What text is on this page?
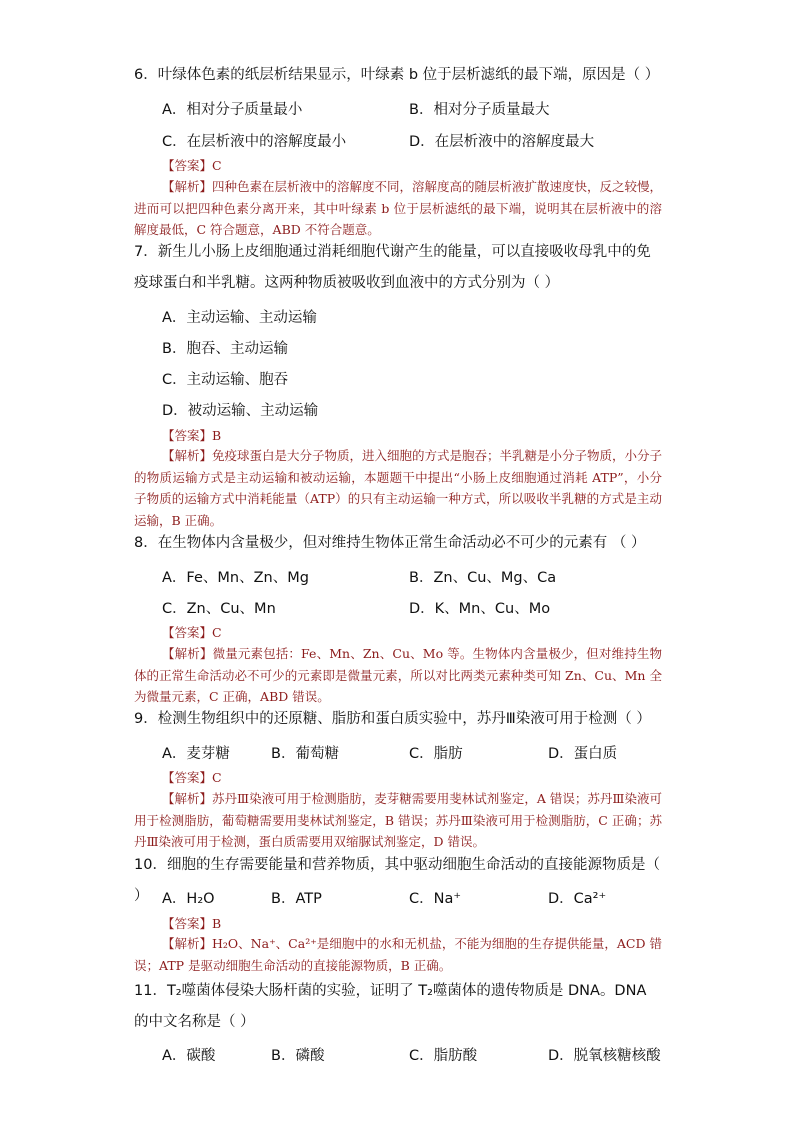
6．叶绿体色素的纸层析结果显示，叶绿素 b 位于层析滤纸的最下端，原因是（ ）
A．相对分子质量最小	B．相对分子质量最大
C．在层析液中的溶解度最小	D．在层析液中的溶解度最大
【答案】C
【解析】四种色素在层析液中的溶解度不同，溶解度高的随层析液扩散速度快，反之较慢，进而可以把四种色素分离开来，其中叶绿素 b 位于层析滤纸的最下端，说明其在层析液中的溶解度最低，C 符合题意，ABD 不符合题意。
7．新生儿小肠上皮细胞通过消耗细胞代谢产生的能量，可以直接吸收母乳中的免疫球蛋白和半乳糖。这两种物质被吸收到血液中的方式分别为（ ）
A．主动运输、主动运输
B．胞吞、主动运输
C．主动运输、胞吞
D．被动运输、主动运输
【答案】B
【解析】免疫球蛋白是大分子物质，进入细胞的方式是胞吞；半乳糖是小分子物质，小分子的物质运输方式是主动运输和被动运输，本题题干中提出“小肠上皮细胞通过消耗 ATP”，小分子物质的运输方式中消耗能量（ATP）的只有主动运输一种方式，所以吸收半乳糖的方式是主动运输，B 正确。
8．在生物体内含量极少，但对维持生物体正常生命活动必不可少的元素有 （ ）
A．Fe、Mn、Zn、Mg	B．Zn、Cu、Mg、Ca
C．Zn、Cu、Mn	D．K、Mn、Cu、Mo
【答案】C
【解析】微量元素包括：Fe、Mn、Zn、Cu、Mo 等。生物体内含量极少，但对维持生物体的正常生命活动必不可少的元素即是微量元素，所以对比两类元素种类可知 Zn、Cu、Mn 全为微量元素，C 正确，ABD 错误。
9．检测生物组织中的还原糖、脂肪和蛋白质实验中，苏丹Ⅲ染液可用于检测（ ）
A．麦芽糖	B．葡萄糖	C．脂肪	D．蛋白质
【答案】C
【解析】苏丹Ⅲ染液可用于检测脂肪，麦芽糖需要用斐林试剂鉴定，A 错误；苏丹Ⅲ染液可用于检测脂肪，葡萄糖需要用斐林试剂鉴定，B 错误；苏丹Ⅲ染液可用于检测脂肪，C 正确；苏丹Ⅲ染液可用于检测，蛋白质需要用双缩脲试剂鉴定，D 错误。
10．细胞的生存需要能量和营养物质，其中驱动细胞生命活动的直接能源物质是（ ） A．H₂O	B．ATP	C．Na⁺	D．Ca²⁺
【答案】B
【解析】H₂O、Na⁺、Ca²⁺是细胞中的水和无机盐，不能为细胞的生存提供能量，ACD 错误；ATP 是驱动细胞生命活动的直接能源物质，B 正确。
11．T₂噬菌体侵染大肠杆菌的实验，证明了 T₂噬菌体的遗传物质是 DNA。DNA 的中文名称是（ ）
A．碳酸	B．磷酸	C．脂肪酸	D．脱氧核糖核酸
